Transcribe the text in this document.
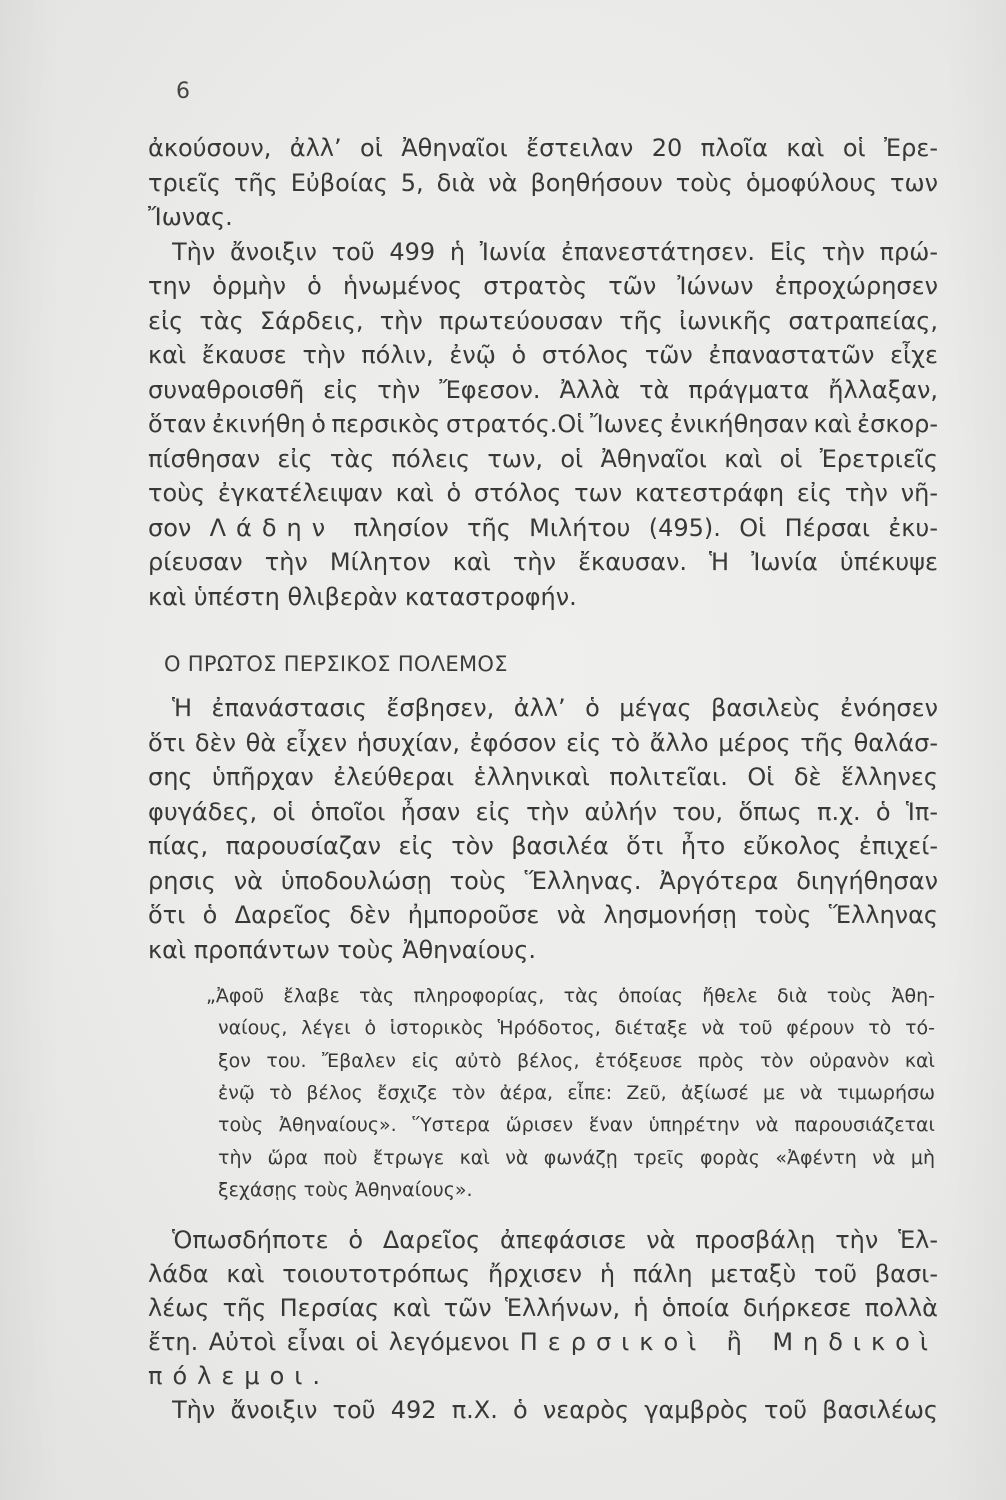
6
ἀκούσουν, ἀλλ’ οἱ Ἀθηναῖοι ἔστειλαν 20 πλοῖα καὶ οἱ Ἐρε-
τριεῖς τῆς Εὐβοίας 5, διὰ νὰ βοηθήσουν τοὺς ὁμοφύλους των
Ἴωνας.
Τὴν ἄνοιξιν τοῦ 499 ἡ Ἰωνία ἐπανεστάτησεν. Εἰς τὴν πρώ-
την ὁρμὴν ὁ ἡνωμένος στρατὸς τῶν Ἰώνων ἐπροχώρησεν
εἰς τὰς Σάρδεις, τὴν πρωτεύουσαν τῆς ἰωνικῆς σατραπείας,
καὶ ἔκαυσε τὴν πόλιν, ἐνῷ ὁ στόλος τῶν ἐπαναστατῶν εἶχε
συναθροισθῆ εἰς τὴν Ἔφεσον. Ἀλλὰ τὰ πράγματα ἤλλαξαν,
ὅταν ἐκινήθη ὁ περσικὸς στρατός.Οἱ Ἴωνες ἐνικήθησαν καὶ ἐσκορ-
πίσθησαν εἰς τὰς πόλεις των, οἱ Ἀθηναῖοι καὶ οἱ Ἐρετριεῖς
τοὺς ἐγκατέλειψαν καὶ ὁ στόλος των κατεστράφη εἰς τὴν νῆ-
σον Λάδην πλησίον τῆς Μιλήτου (495). Οἱ Πέρσαι ἐκυ-
ρίευσαν τὴν Μίλητον καὶ τὴν ἔκαυσαν. Ἡ Ἰωνία ὑπέκυψε
καὶ ὑπέστη θλιβερὰν καταστροφήν.
Ο ΠΡΩΤΟΣ ΠΕΡΣΙΚΟΣ ΠΟΛΕΜΟΣ
Ἡ ἐπανάστασις ἔσβησεν, ἀλλ’ ὁ μέγας βασιλεὺς ἐνόησεν
ὅτι δὲν θὰ εἶχεν ἡσυχίαν, ἐφόσον εἰς τὸ ἄλλο μέρος τῆς θαλάσ-
σης ὑπῆρχαν ἐλεύθεραι ἑλληνικαὶ πολιτεῖαι. Οἱ δὲ ἕλληνες
φυγάδες, οἱ ὁποῖοι ἦσαν εἰς τὴν αὐλήν του, ὅπως π.χ. ὁ Ἱπ-
πίας, παρουσίαζαν εἰς τὸν βασιλέα ὅτι ἦτο εὔκολος ἐπιχεί-
ρησις νὰ ὑποδουλώσῃ τοὺς Ἕλληνας. Ἀργότερα διηγήθησαν
ὅτι ὁ Δαρεῖος δὲν ἠμποροῦσε νὰ λησμονήσῃ τοὺς Ἕλληνας
καὶ προπάντων τοὺς Ἀθηναίους.
„Ἀφοῦ ἔλαβε τὰς πληροφορίας, τὰς ὁποίας ἤθελε διὰ τοὺς Ἀθη-
ναίους, λέγει ὁ ἱστορικὸς Ἡρόδοτος, διέταξε νὰ τοῦ φέρουν τὸ τό-
ξον του. Ἔβαλεν εἰς αὐτὸ βέλος, ἐτόξευσε πρὸς τὸν οὐρανὸν καὶ
ἐνῷ τὸ βέλος ἔσχιζε τὸν ἀέρα, εἶπε: Ζεῦ, ἀξίωσέ με νὰ τιμωρήσω
τοὺς Ἀθηναίους». Ὕστερα ὥρισεν ἕναν ὑπηρέτην νὰ παρουσιάζεται
τὴν ὥρα ποὺ ἔτρωγε καὶ νὰ φωνάζῃ τρεῖς φορὰς «Ἀφέντη νὰ μὴ
ξεχάσῃς τοὺς Ἀθηναίους».
Ὁπωσδήποτε ὁ Δαρεῖος ἀπεφάσισε νὰ προσβάλῃ τὴν Ἑλ-
λάδα καὶ τοιουτοτρόπως ἤρχισεν ἡ πάλη μεταξὺ τοῦ βασι-
λέως τῆς Περσίας καὶ τῶν Ἑλλήνων, ἡ ὁποία διήρκεσε πολλὰ
ἔτη. Αὐτοὶ εἶναι οἱ λεγόμενοι Περσικοὶ ἢ Μηδικοὶ
πόλεμοι.
Τὴν ἄνοιξιν τοῦ 492 π.Χ. ὁ νεαρὸς γαμβρὸς τοῦ βασιλέως
